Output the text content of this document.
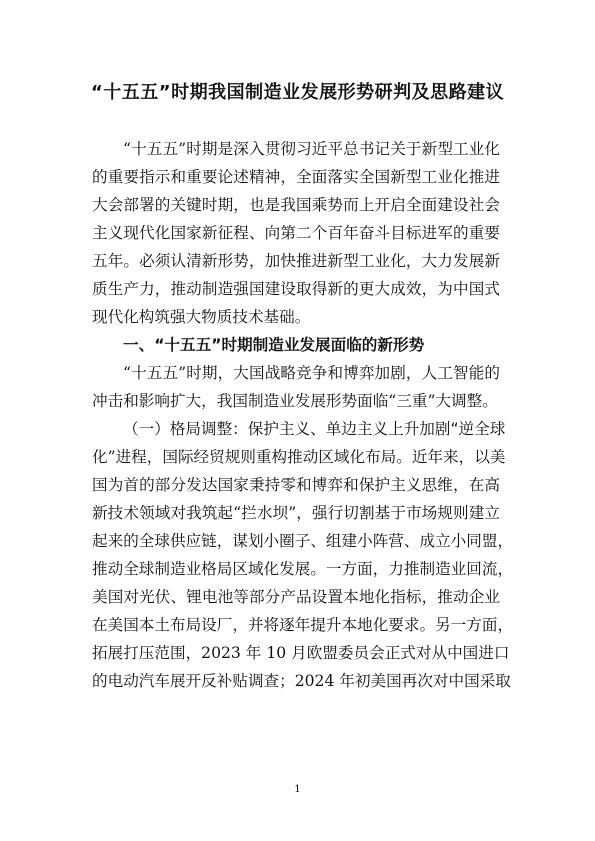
“十五五”时期我国制造业发展形势研判及思路建议
“十五五”时期是深入贯彻习近平总书记关于新型工业化
的重要指示和重要论述精神，全面落实全国新型工业化推进
大会部署的关键时期，也是我国乘势而上开启全面建设社会
主义现代化国家新征程、向第二个百年奋斗目标进军的重要
五年。必须认清新形势，加快推进新型工业化，大力发展新
质生产力，推动制造强国建设取得新的更大成效，为中国式
现代化构筑强大物质技术基础。
一、“十五五”时期制造业发展面临的新形势
“十五五”时期，大国战略竞争和博弈加剧，人工智能的
冲击和影响扩大，我国制造业发展形势面临“三重”大调整。
（一）格局调整：保护主义、单边主义上升加剧“逆全球
化”进程，国际经贸规则重构推动区域化布局。近年来，以美
国为首的部分发达国家秉持零和博弈和保护主义思维，在高
新技术领域对我筑起“拦水坝”，强行切割基于市场规则建立
起来的全球供应链，谋划小圈子、组建小阵营、成立小同盟，
推动全球制造业格局区域化发展。一方面，力推制造业回流，
美国对光伏、锂电池等部分产品设置本地化指标，推动企业
在美国本土布局设厂，并将逐年提升本地化要求。另一方面，
拓展打压范围，2023 年 10 月欧盟委员会正式对从中国进口
的电动汽车展开反补贴调查；2024 年初美国再次对中国采取
1
